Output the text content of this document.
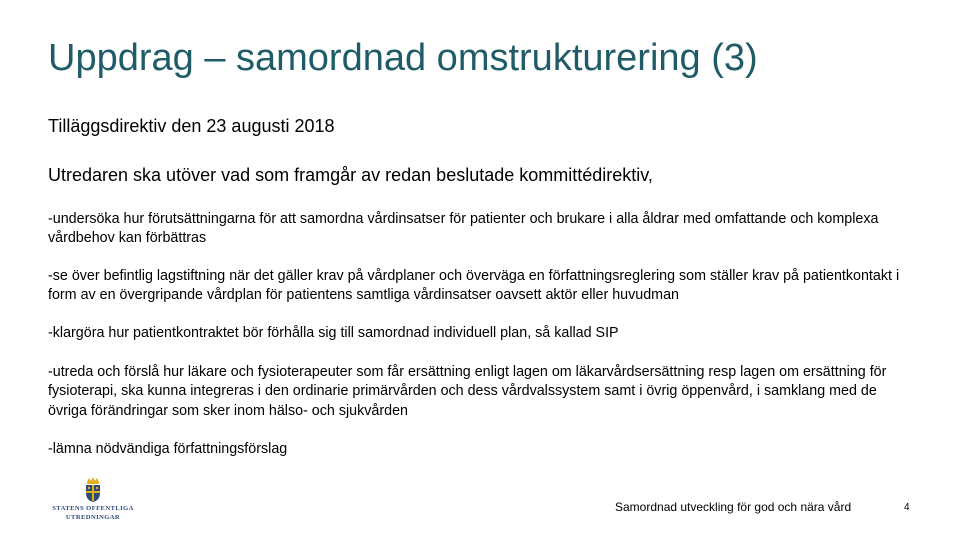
Uppdrag – samordnad omstrukturering (3)
Tilläggsdirektiv den 23 augusti 2018
Utredaren ska utöver vad som framgår av redan beslutade kommittédirektiv,
-undersöka hur förutsättningarna för att samordna vårdinsatser för patienter och brukare i alla åldrar med omfattande och komplexa vårdbehov kan förbättras
-se över befintlig lagstiftning när det gäller krav på vårdplaner och överväga en författningsreglering som ställer krav på patientkontakt i form av en övergripande vårdplan för patientens samtliga vårdinsatser oavsett aktör eller huvudman
-klargöra hur patientkontraktet bör förhålla sig till samordnad individuell plan, så kallad SIP
-utreda och förslå hur läkare och fysioterapeuter som får ersättning enligt lagen om läkarvårdsersättning resp lagen om ersättning för fysioterapi, ska kunna integreras i den ordinarie primärvården och dess vårdvalssystem samt i övrig öppenvård, i samklang med de övriga förändringar som sker inom hälso- och sjukvården
-lämna nödvändiga författningsförslag
STATENS OFFENTLIGA
UTREDNINGAR
Samordnad utveckling för god och nära vård	4
